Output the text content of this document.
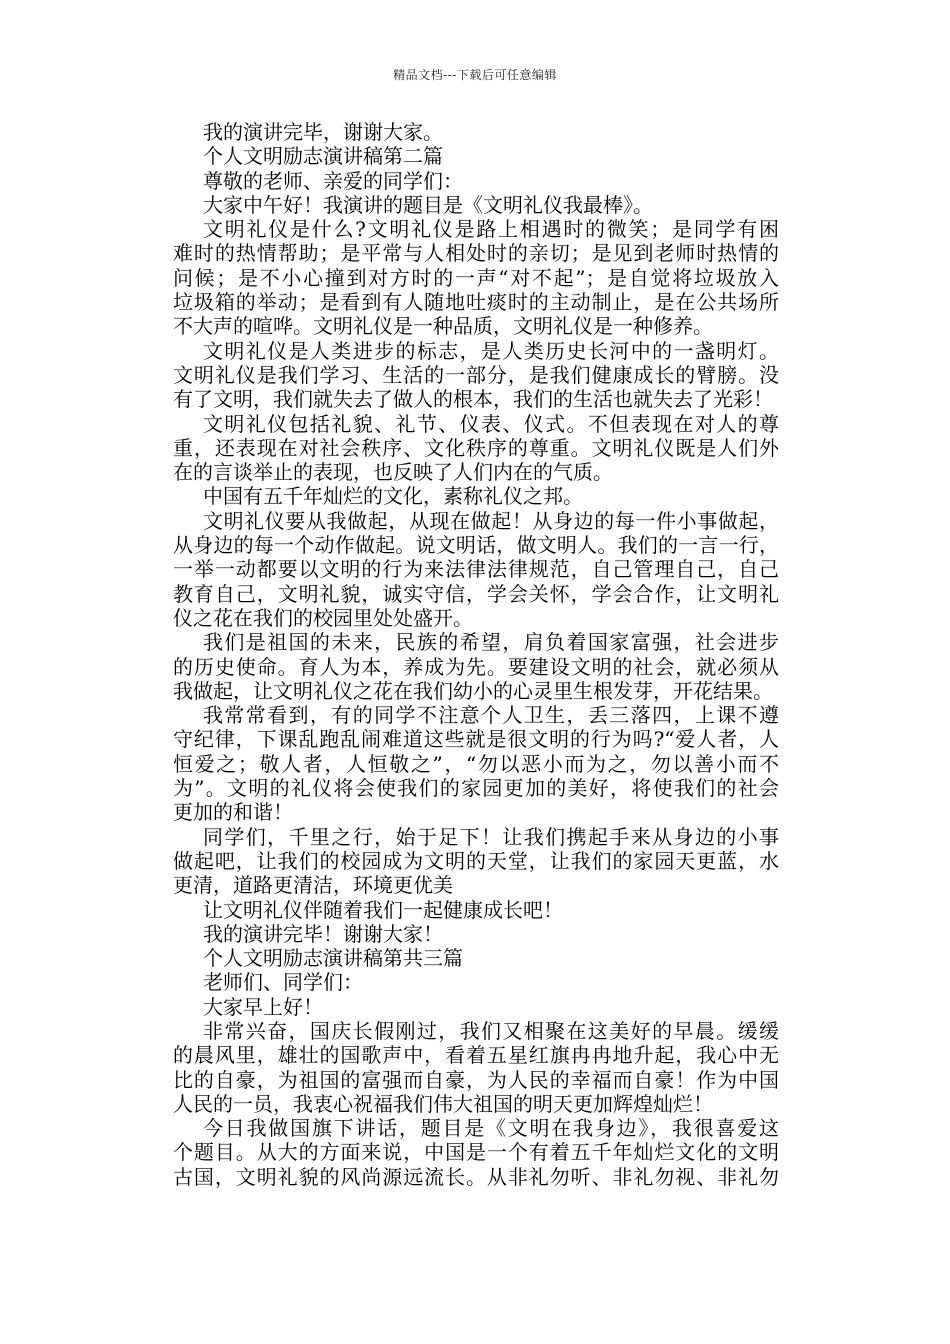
精品文档---下载后可任意编辑
我的演讲完毕，谢谢大家。
个人文明励志演讲稿第二篇
尊敬的老师、亲爱的同学们：
大家中午好！我演讲的题目是《文明礼仪我最棒》。
文明礼仪是什么?文明礼仪是路上相遇时的微笑；是同学有困
难时的热情帮助；是平常与人相处时的亲切；是见到老师时热情的
问候；是不小心撞到对方时的一声“对不起”；是自觉将垃圾放入
垃圾箱的举动；是看到有人随地吐痰时的主动制止，是在公共场所
不大声的喧哗。文明礼仪是一种品质，文明礼仪是一种修养。
文明礼仪是人类进步的标志，是人类历史长河中的一盏明灯。
文明礼仪是我们学习、生活的一部分，是我们健康成长的臂膀。没
有了文明，我们就失去了做人的根本，我们的生活也就失去了光彩！
文明礼仪包括礼貌、礼节、仪表、仪式。不但表现在对人的尊
重，还表现在对社会秩序、文化秩序的尊重。文明礼仪既是人们外
在的言谈举止的表现，也反映了人们内在的气质。
中国有五千年灿烂的文化，素称礼仪之邦。
文明礼仪要从我做起，从现在做起！从身边的每一件小事做起，
从身边的每一个动作做起。说文明话，做文明人。我们的一言一行，
一举一动都要以文明的行为来法律法律规范，自己管理自己，自己
教育自己，文明礼貌，诚实守信，学会关怀，学会合作，让文明礼
仪之花在我们的校园里处处盛开。
我们是祖国的未来，民族的希望，肩负着国家富强，社会进步
的历史使命。育人为本，养成为先。要建设文明的社会，就必须从
我做起，让文明礼仪之花在我们幼小的心灵里生根发芽，开花结果。
我常常看到，有的同学不注意个人卫生，丢三落四，上课不遵
守纪律，下课乱跑乱闹难道这些就是很文明的行为吗?“爱人者，人
恒爱之；敬人者，人恒敬之”，“勿以恶小而为之，勿以善小而不
为”。文明的礼仪将会使我们的家园更加的美好，将使我们的社会
更加的和谐！
同学们，千里之行，始于足下！让我们携起手来从身边的小事
做起吧，让我们的校园成为文明的天堂，让我们的家园天更蓝，水
更清，道路更清洁，环境更优美
让文明礼仪伴随着我们一起健康成长吧！
我的演讲完毕！谢谢大家！
个人文明励志演讲稿第共三篇
老师们、同学们：
大家早上好！
非常兴奋，国庆长假刚过，我们又相聚在这美好的早晨。缓缓
的晨风里，雄壮的国歌声中，看着五星红旗冉冉地升起，我心中无
比的自豪，为祖国的富强而自豪，为人民的幸福而自豪！作为中国
人民的一员，我衷心祝福我们伟大祖国的明天更加辉煌灿烂！
今日我做国旗下讲话，题目是《文明在我身边》，我很喜爱这
个题目。从大的方面来说，中国是一个有着五千年灿烂文化的文明
古国，文明礼貌的风尚源远流长。从非礼勿听、非礼勿视、非礼勿
